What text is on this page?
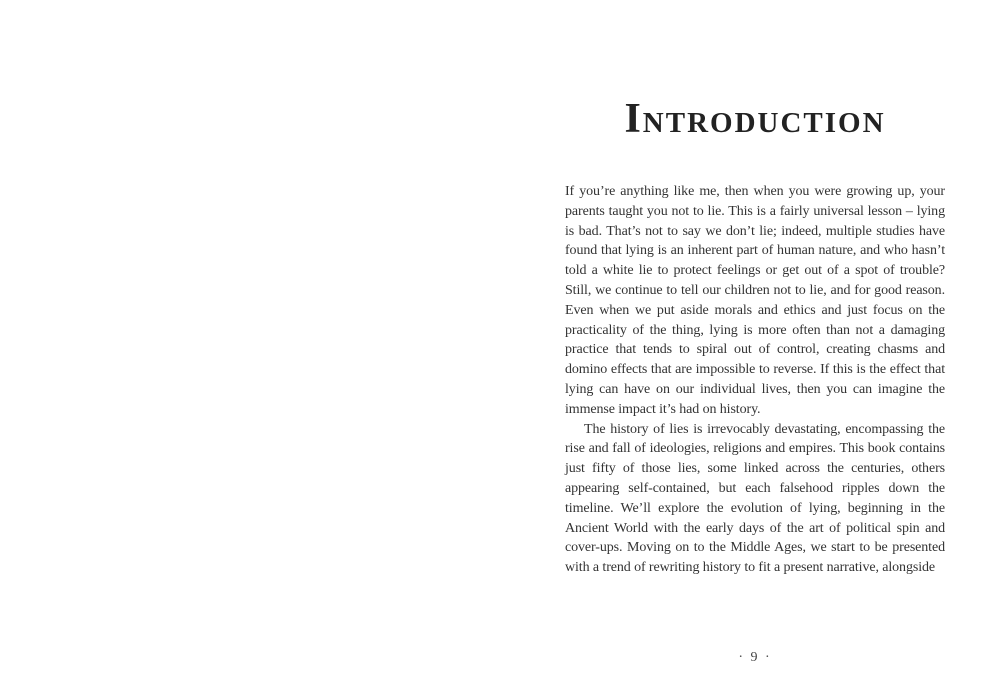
Introduction

If you’re anything like me, then when you were growing up, your parents taught you not to lie. This is a fairly universal lesson – lying is bad. That’s not to say we don’t lie; indeed, multiple studies have found that lying is an inherent part of human nature, and who hasn’t told a white lie to protect feelings or get out of a spot of trouble? Still, we continue to tell our children not to lie, and for good reason. Even when we put aside morals and ethics and just focus on the practicality of the thing, lying is more often than not a damaging practice that tends to spiral out of control, creating chasms and domino effects that are impossible to reverse. If this is the effect that lying can have on our individual lives, then you can imagine the immense impact it’s had on history.

The history of lies is irrevocably devastating, encompassing the rise and fall of ideologies, religions and empires. This book contains just fifty of those lies, some linked across the centuries, others appearing self-contained, but each falsehood ripples down the timeline. We’ll explore the evolution of lying, beginning in the Ancient World with the early days of the art of political spin and cover-ups. Moving on to the Middle Ages, we start to be presented with a trend of rewriting history to fit a present narrative, alongside

· 9 ·
